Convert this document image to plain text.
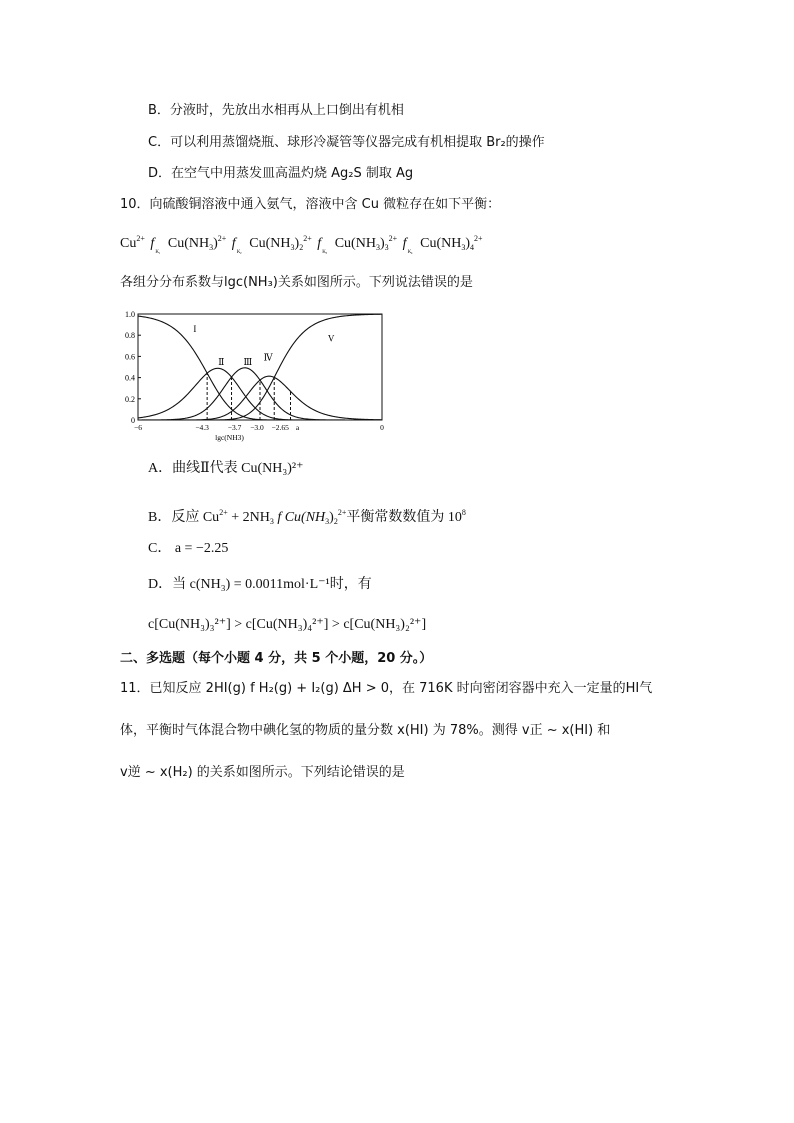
B．分液时，先放出水相再从上口倒出有机相
C．可以利用蒸馏烧瓶、球形冷凝管等仪器完成有机相提取 Br₂的操作
D．在空气中用蒸发皿高温灼烧 Ag₂S 制取 Ag
10．向硫酸铜溶液中通入氨气，溶液中含 Cu 微粒存在如下平衡：
$Cu^{2+}$ f
K₁
$Cu(NH_3)^{2+}$ f
K₂
$Cu(NH_3)_2^{2+}$ f
K₃
$Cu(NH_3)_3^{2+}$ f
K₄
$Cu(NH_3)_4^{2+}$
各组分分布系数与lgc(NH₃)关系如图所示。下列说法错误的是
1.0
0.8
0.6
0.4
0.2
0
I
Ⅱ Ⅲ Ⅳ
V
−6	−4.3	−3.7 −3.0 −2.65 a	0
lgc(NH3)
A．曲线Ⅱ代表 Cu(NH₃)²⁺
B．反应 $Cu^{2+} + 2NH_3$ f $Cu(NH_3)_2^{2+}$平衡常数数值为 $10^8$
C． a = −2.25
D．当 c(NH₃) = 0.0011mol·L⁻¹时，有
c[Cu(NH₃)₃²⁺] > c[Cu(NH₃)₄²⁺] > c[Cu(NH₃)₂²⁺]
二、多选题（每个小题 4 分，共 5 个小题，20 分。）
11．已知反应 2HI(g) f H₂(g) + I₂(g) ΔH > 0，在 716K 时向密闭容器中充入一定量的HI气
体，平衡时气体混合物中碘化氢的物质的量分数 x(HI) 为 78%。测得 v正 ~ x(HI) 和
v逆 ~ x(H₂) 的关系如图所示。下列结论错误的是
